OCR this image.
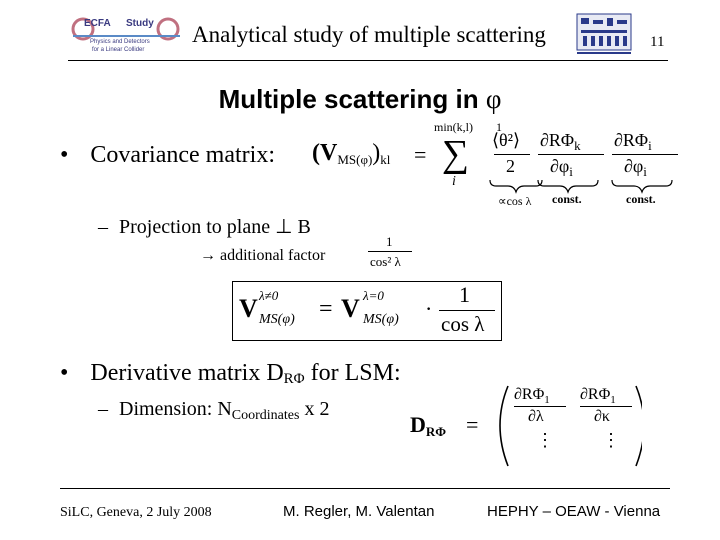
ECFA Study
Physics and Detectors
for a Linear Collider
Analytical study of multiple scattering	11
Multiple scattering in φ
• Covariance matrix: $(V_{MS(\varphi)})_{kl}$ =
min(k,l) 1
∑
i
⟨θ²⟩
2
$\partial R\Phi_k$
$\partial\varphi_i$
$\partial R\Phi_i$
$\partial\varphi_i$
∝cos λ const.	const.
– Projection to plane ⊥ B
→ additional factor
1
cos² λ
V λ≠0
MS(φ) = V λ=0
MS(φ) ·
1
cos λ
• Derivative matrix $D_{R\Phi}$ for LSM:
– Dimension: $N_{Coordinates}$ x 2
$D_{R\Phi}$ =
$\partial R\Phi_1$
∂λ
$\partial R\Phi_1$
∂κ
⋮	⋮
SiLC, Geneva, 2 July 2008	M. Regler, M. Valentan	HEPHY – OEAW - Vienna
